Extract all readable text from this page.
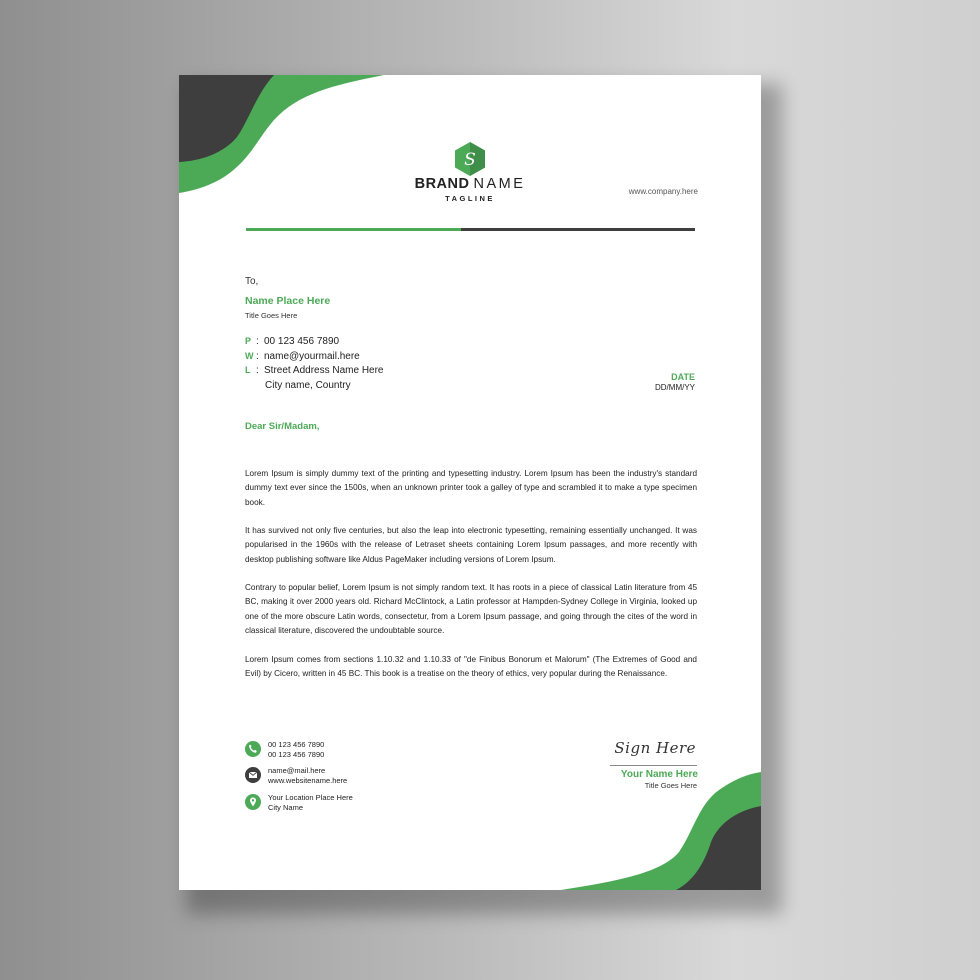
S
BRAND NAME
TAGLINE
www.company.here
To,
Name Place Here
Title Goes Here
P : 00 123 456 7890
W : name@yourmail.here
L : Street Address Name Here
City name, Country
DATE
DD/MM/YY
Dear Sir/Madam,

Lorem Ipsum is simply dummy text of the printing and typesetting industry. Lorem Ipsum has been the industry's standard dummy text ever since the 1500s, when an unknown printer took a galley of type and scrambled it to make a type specimen book.

It has survived not only five centuries, but also the leap into electronic typesetting, remaining essentially unchanged. It was popularised in the 1960s with the release of Letraset sheets containing Lorem Ipsum passages, and more recently with desktop publishing software like Aldus PageMaker including versions of Lorem Ipsum.

Contrary to popular belief, Lorem Ipsum is not simply random text. It has roots in a piece of classical Latin literature from 45 BC, making it over 2000 years old. Richard McClintock, a Latin professor at Hampden-Sydney College in Virginia, looked up one of the more obscure Latin words, consectetur, from a Lorem Ipsum passage, and going through the cites of the word in classical literature, discovered the undoubtable source.

Lorem Ipsum comes from sections 1.10.32 and 1.10.33 of "de Finibus Bonorum et Malorum" (The Extremes of Good and Evil) by Cicero, written in 45 BC. This book is a treatise on the theory of ethics, very popular during the Renaissance.

00 123 456 7890
00 123 456 7890
name@mail.here
www.websitename.here
Your Location Place Here
City Name
Sign Here
Your Name Here
Title Goes Here
